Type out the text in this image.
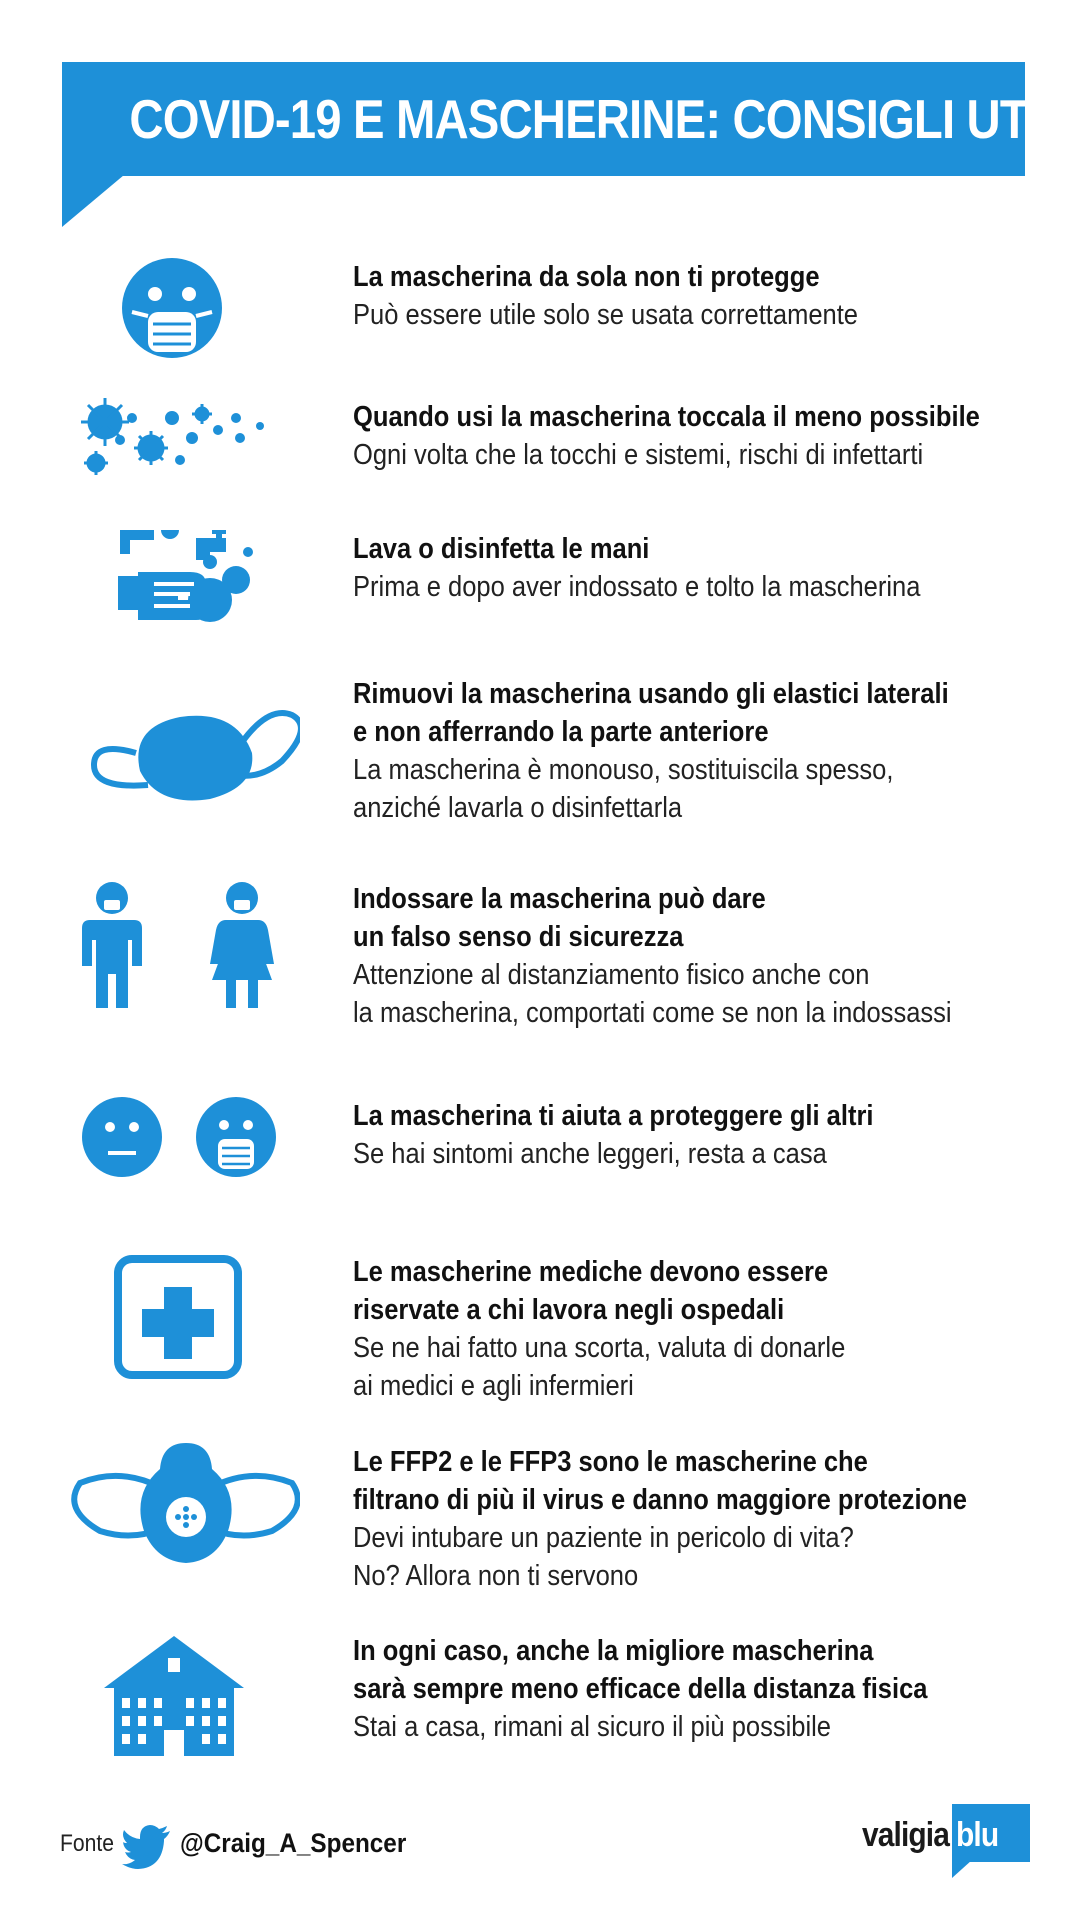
COVID-19 E MASCHERINE: CONSIGLI UTILI
La mascherina da sola non ti protegge
Può essere utile solo se usata correttamente
Quando usi la mascherina toccala il meno possibile
Ogni volta che la tocchi e sistemi, rischi di infettarti
Lava o disinfetta le mani
Prima e dopo aver indossato e tolto la mascherina
Rimuovi la mascherina usando gli elastici laterali
e non afferrando la parte anteriore
La mascherina è monouso, sostituiscila spesso,
anziché lavarla o disinfettarla
Indossare la mascherina può dare
un falso senso di sicurezza
Attenzione al distanziamento fisico anche con
la mascherina, comportati come se non la indossassi
La mascherina ti aiuta a proteggere gli altri
Se hai sintomi anche leggeri, resta a casa
Le mascherine mediche devono essere
riservate a chi lavora negli ospedali
Se ne hai fatto una scorta, valuta di donarle
ai medici e agli infermieri
Le FFP2 e le FFP3 sono le mascherine che
filtrano di più il virus e danno maggiore protezione
Devi intubare un paziente in pericolo di vita?
No? Allora non ti servono
In ogni caso, anche la migliore mascherina
sarà sempre meno efficace della distanza fisica
Stai a casa, rimani al sicuro il più possibile
Fonte @Craig_A_Spencer	valigia blu
